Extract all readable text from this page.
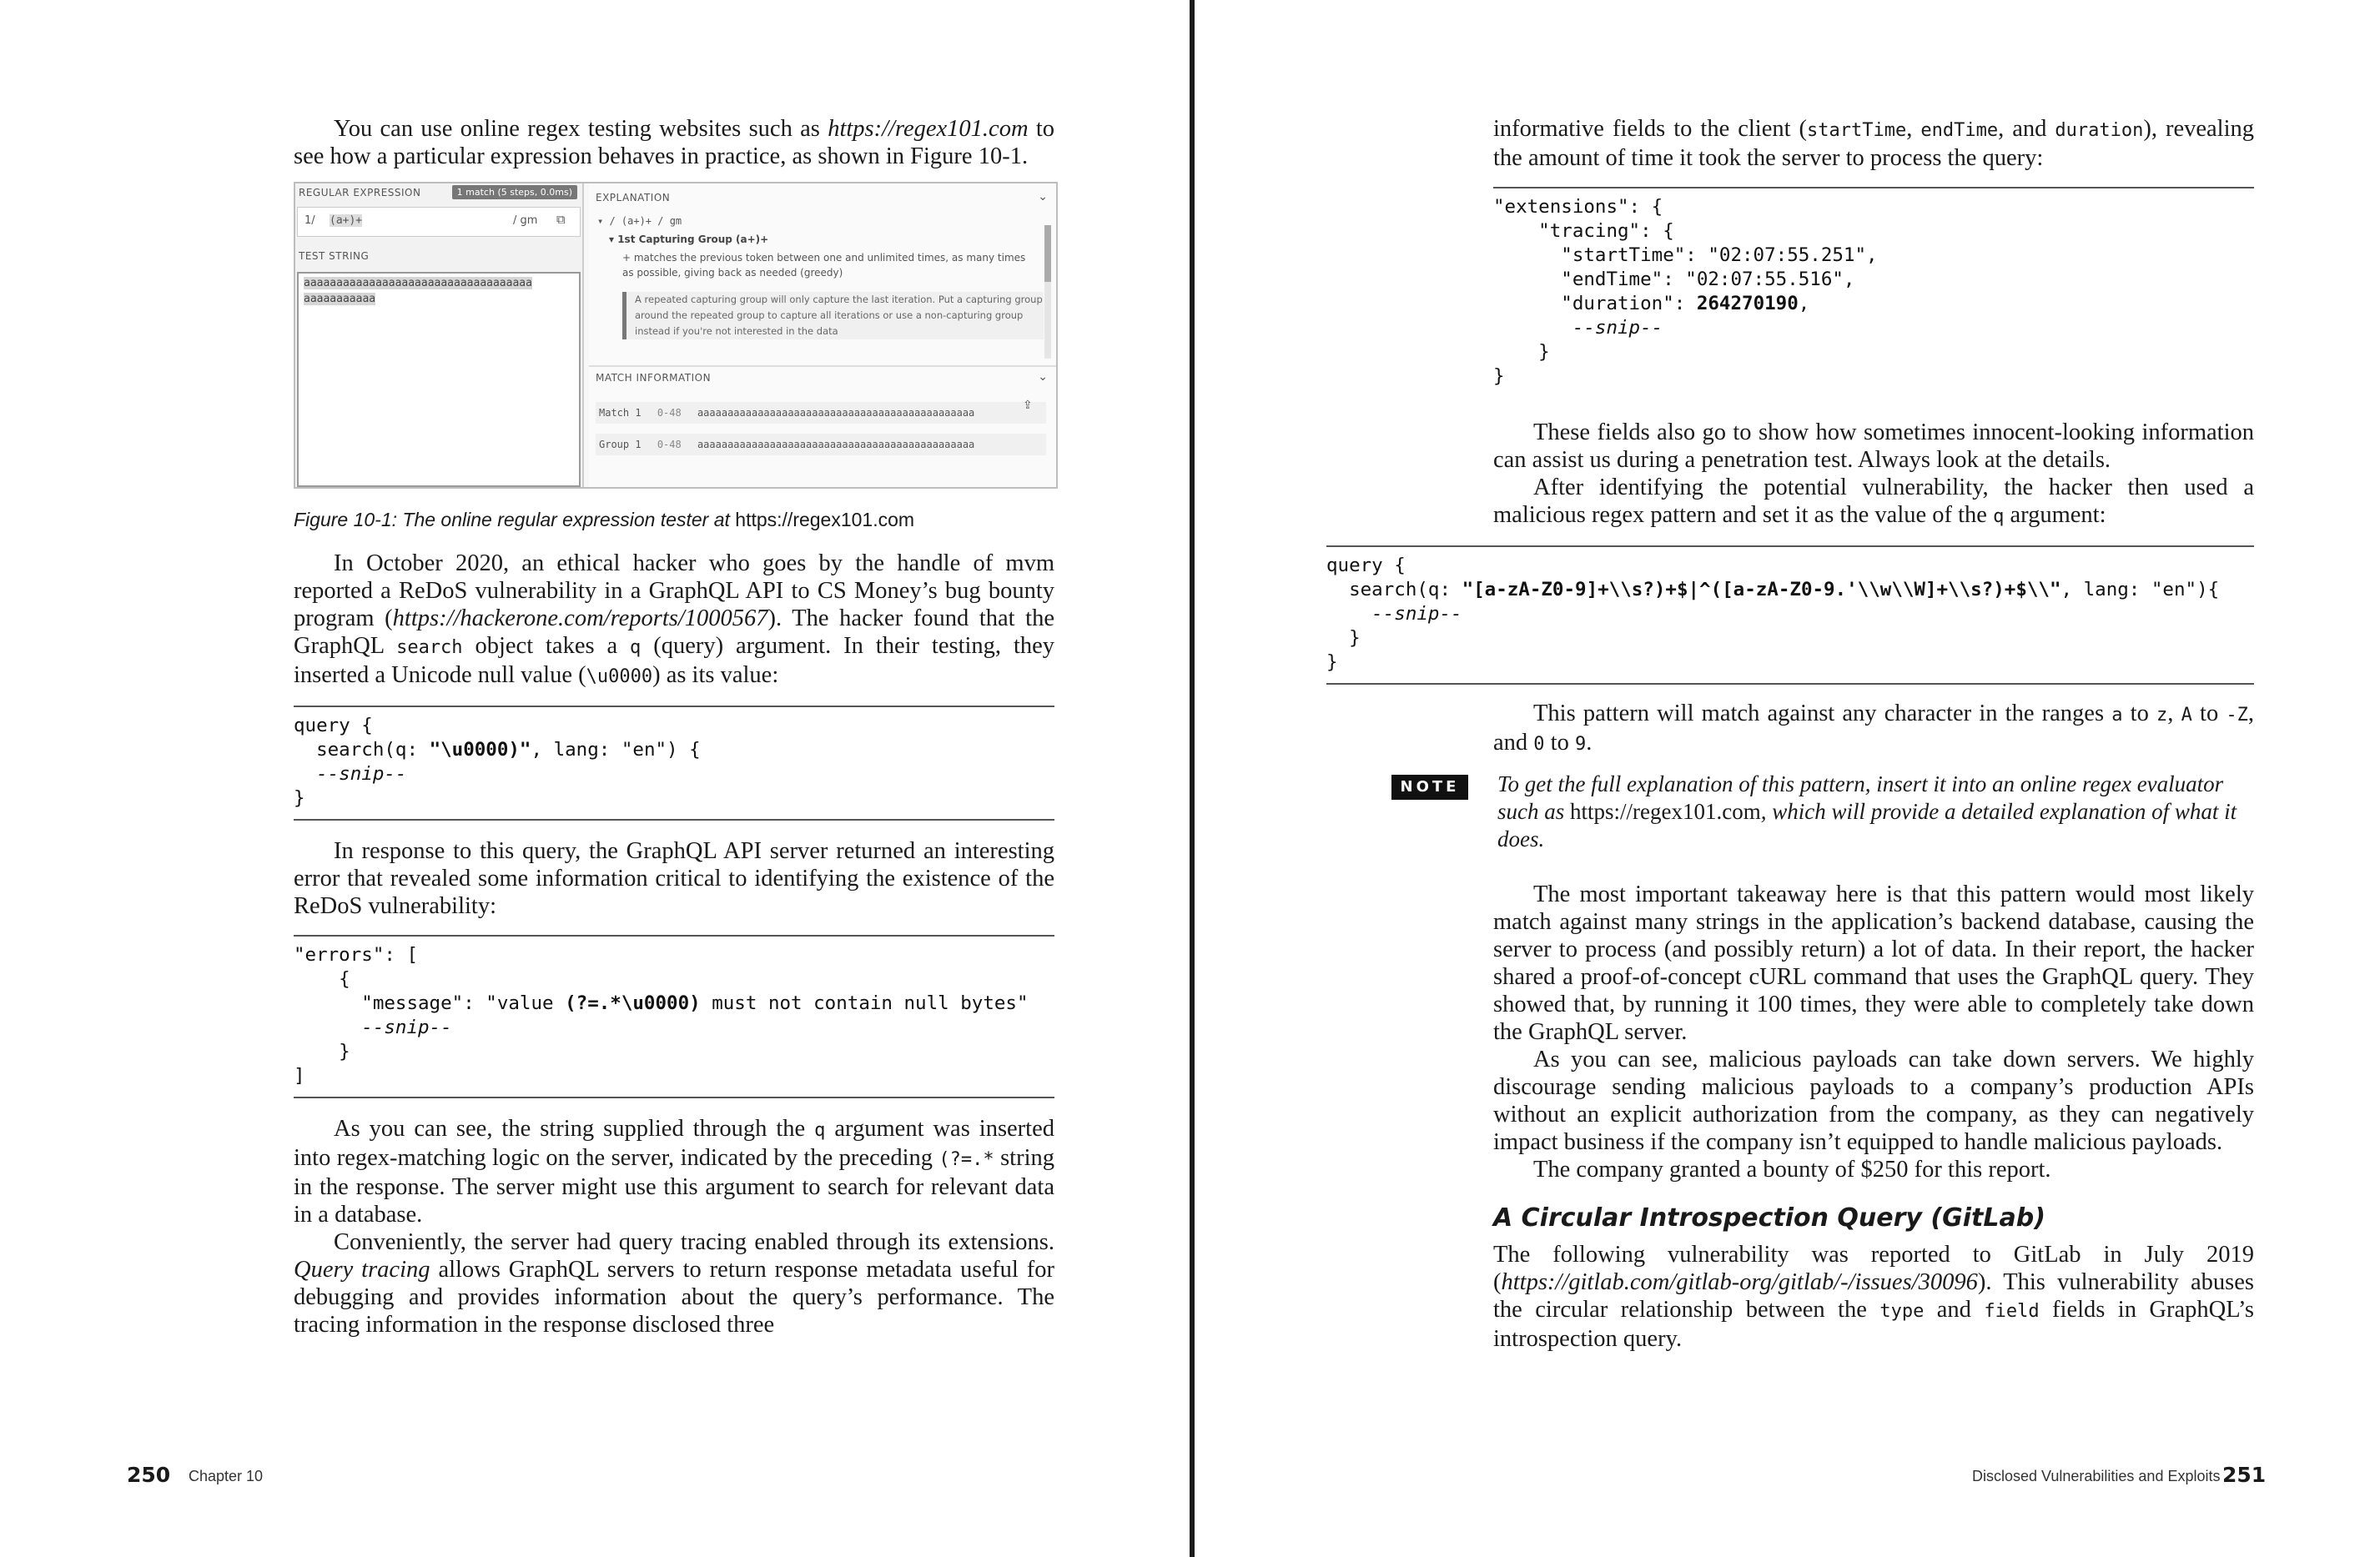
You can use online regex testing websites such as https://regex101.com to see how a particular expression behaves in practice, as shown in Figure 10-1.

REGULAR EXPRESSION	1 match (5 steps, 0.0ms)
1/ (a+)+	/ gm ⧉
TEST STRING
aaaaaaaaaaaaaaaaaaaaaaaaaaaaaaaaaaa
aaaaaaaaaaa
EXPLANATION	⌄
▾ / (a+)+ / gm
▾ 1st Capturing Group (a+)+
+ matches the previous token between one and unlimited times, as many times as possible, giving back as needed (greedy)
A repeated capturing group will only capture the last iteration. Put a capturing group around the repeated group to capture all iterations or use a non-capturing group instead if you're not interested in the data
MATCH INFORMATION	⌄
Match 1 0-48 aaaaaaaaaaaaaaaaaaaaaaaaaaaaaaaaaaaaaaaaaaaaaa
⇪
Group 1 0-48 aaaaaaaaaaaaaaaaaaaaaaaaaaaaaaaaaaaaaaaaaaaaaa

Figure 10-1: The online regular expression tester at https://regex101.com

In October 2020, an ethical hacker who goes by the handle of mvm reported a ReDoS vulnerability in a GraphQL API to CS Money’s bug bounty program (https://hackerone.com/reports/1000567). The hacker found that the GraphQL search object takes a q (query) argument. In their testing, they inserted a Unicode null value (\u0000) as its value:

query {
search(q: "\u0000)", lang: "en") {
--snip--
}

In response to this query, the GraphQL API server returned an interesting error that revealed some information critical to identifying the existence of the ReDoS vulnerability:

"errors": [
{
"message": "value (?=.*\u0000) must not contain null bytes"
--snip--
}
]

As you can see, the string supplied through the q argument was inserted into regex-matching logic on the server, indicated by the preceding (?=.* string in the response. The server might use this argument to search for relevant data in a database.

Conveniently, the server had query tracing enabled through its extensions. Query tracing allows GraphQL servers to return response metadata useful for debugging and provides information about the query’s performance. The tracing information in the response disclosed three

250 Chapter 10

informative fields to the client (startTime, endTime, and duration), revealing the amount of time it took the server to process the query:

"extensions": {
"tracing": {
"startTime": "02:07:55.251",
"endTime": "02:07:55.516",
"duration": 264270190,
--snip--
}
}

These fields also go to show how sometimes innocent-looking information can assist us during a penetration test. Always look at the details.

After identifying the potential vulnerability, the hacker then used a malicious regex pattern and set it as the value of the q argument:

query {
search(q: "[a-zA-Z0-9]+\\s?)+$|^([a-zA-Z0-9.'\\w\\W]+\\s?)+$\\", lang: "en"){
--snip--
}
}

This pattern will match against any character in the ranges a to z, A to -Z, and 0 to 9.

The most important takeaway here is that this pattern would most likely match against many strings in the application’s backend database, causing the server to process (and possibly return) a lot of data. In their report, the hacker shared a proof-of-concept cURL command that uses the GraphQL query. They showed that, by running it 100 times, they were able to completely take down the GraphQL server.

As you can see, malicious payloads can take down servers. We highly discourage sending malicious payloads to a company’s production APIs without an explicit authorization from the company, as they can negatively impact business if the company isn’t equipped to handle malicious payloads.

The company granted a bounty of $250 for this report.

A Circular Introspection Query (GitLab)

The following vulnerability was reported to GitLab in July 2019 (https://gitlab.com/gitlab-org/gitlab/-/issues/30096). This vulnerability abuses the circular relationship between the type and field fields in GraphQL’s introspection query.

Disclosed Vulnerabilities and Exploits 251
NOTE	To get the full explanation of this pattern, insert it into an online regex evaluator such as https://regex101.com, which will provide a detailed explanation of what it does.
